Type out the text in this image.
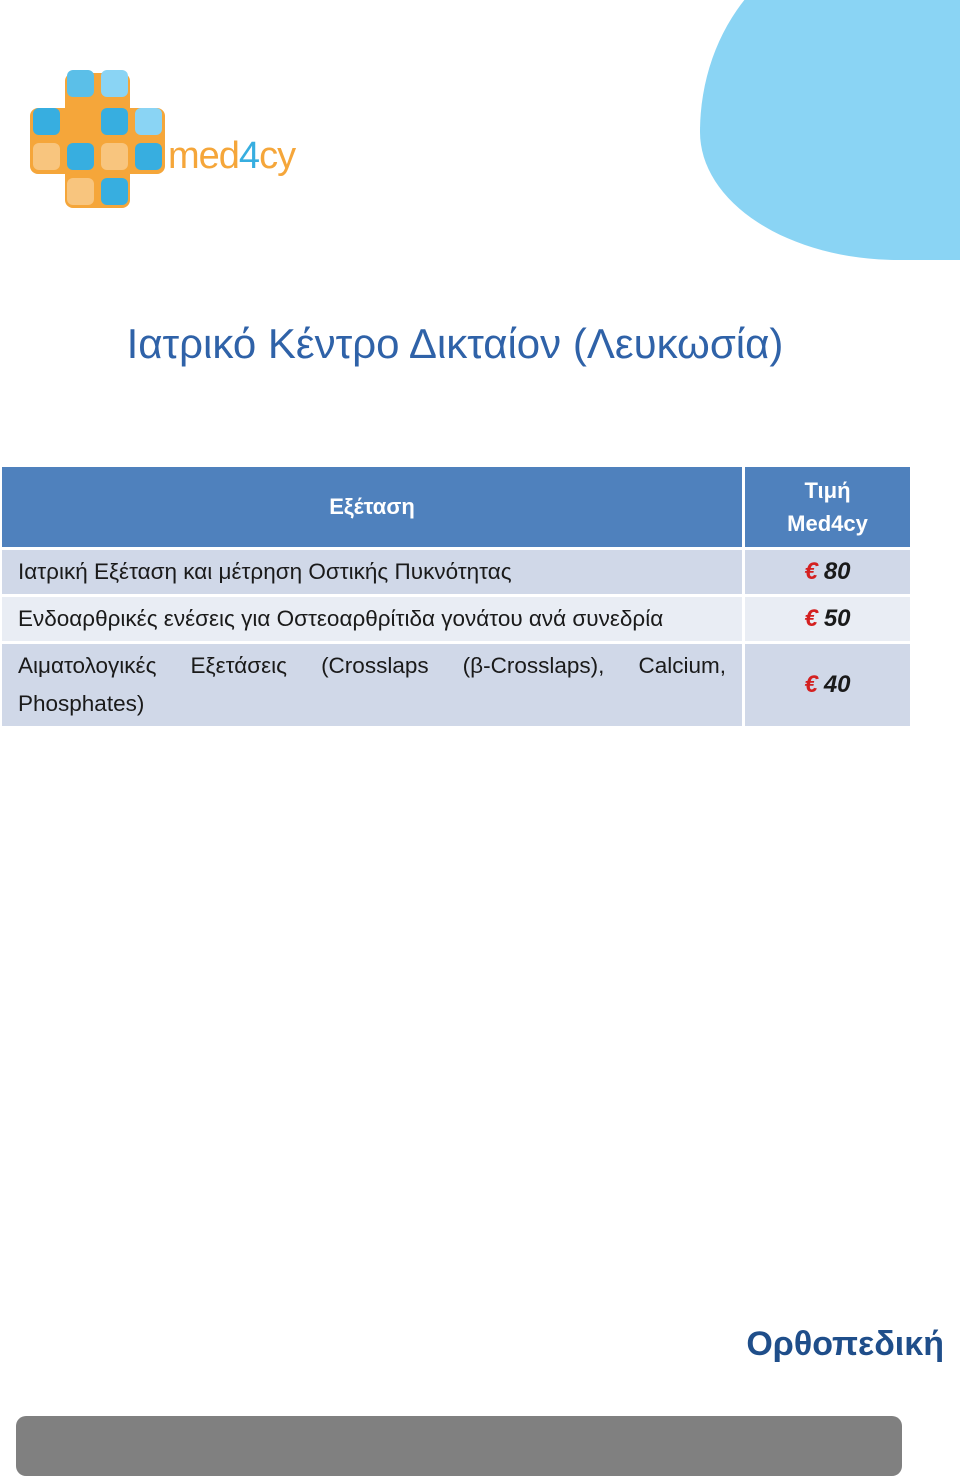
med4cy
Ιατρικό Κέντρο Δικταίον (Λευκωσία)
Εξέταση	Τιμή
Med4cy
Ιατρική Εξέταση και μέτρηση Οστικής Πυκνότητας	€ 80
Ενδοαρθρικές ενέσεις για Οστεοαρθρίτιδα γονάτου ανά συνεδρία	€ 50
Αιματολογικές Εξετάσεις (Crosslaps (β-Crosslaps), Calcium, Phosphates)	€ 40
Ορθοπεδική
